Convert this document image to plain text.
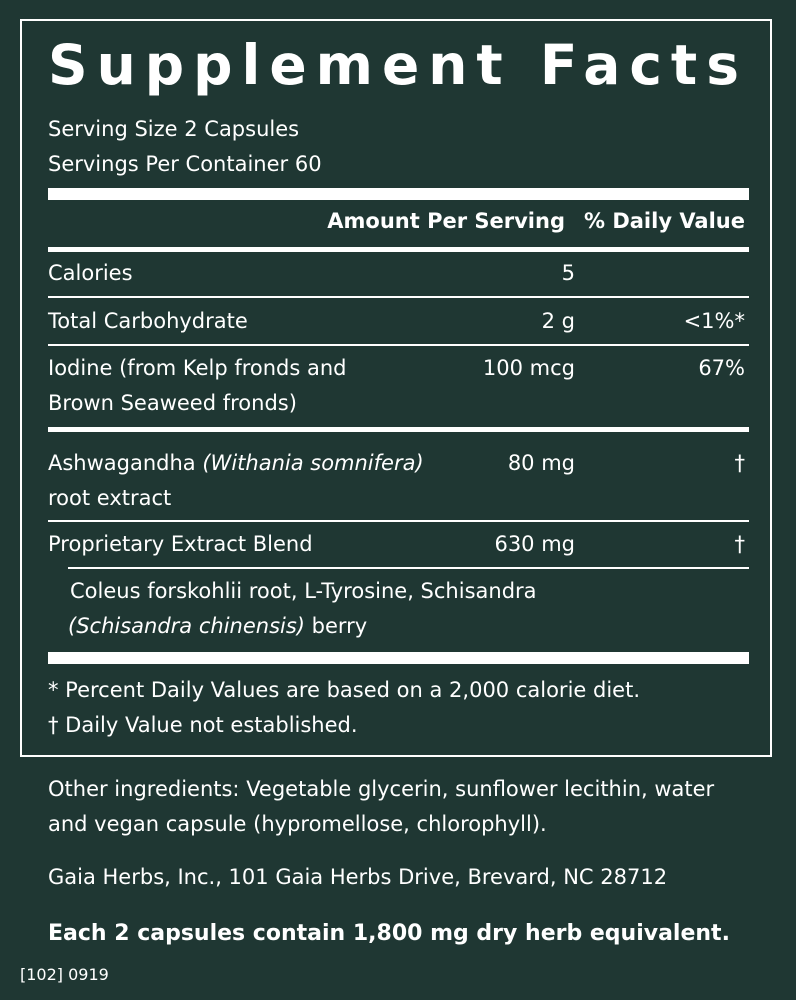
Supplement Facts
Serving Size 2 Capsules
Servings Per Container 60
Amount Per Serving % Daily Value
Calories	5
Total Carbohydrate	2 g	<1%*
Iodine (from Kelp fronds and
Brown Seaweed fronds)
100 mcg	67%
Ashwagandha (Withania somnifera)
root extract
80 mg	†
Proprietary Extract Blend	630 mg	†
Coleus forskohlii root, L-Tyrosine, Schisandra
(Schisandra chinensis) berry
* Percent Daily Values are based on a 2,000 calorie diet.
† Daily Value not established.
Other ingredients: Vegetable glycerin, sunflower lecithin, water
and vegan capsule (hypromellose, chlorophyll).
Gaia Herbs, Inc., 101 Gaia Herbs Drive, Brevard, NC 28712
Each 2 capsules contain 1,800 mg dry herb equivalent.
[102] 0919
